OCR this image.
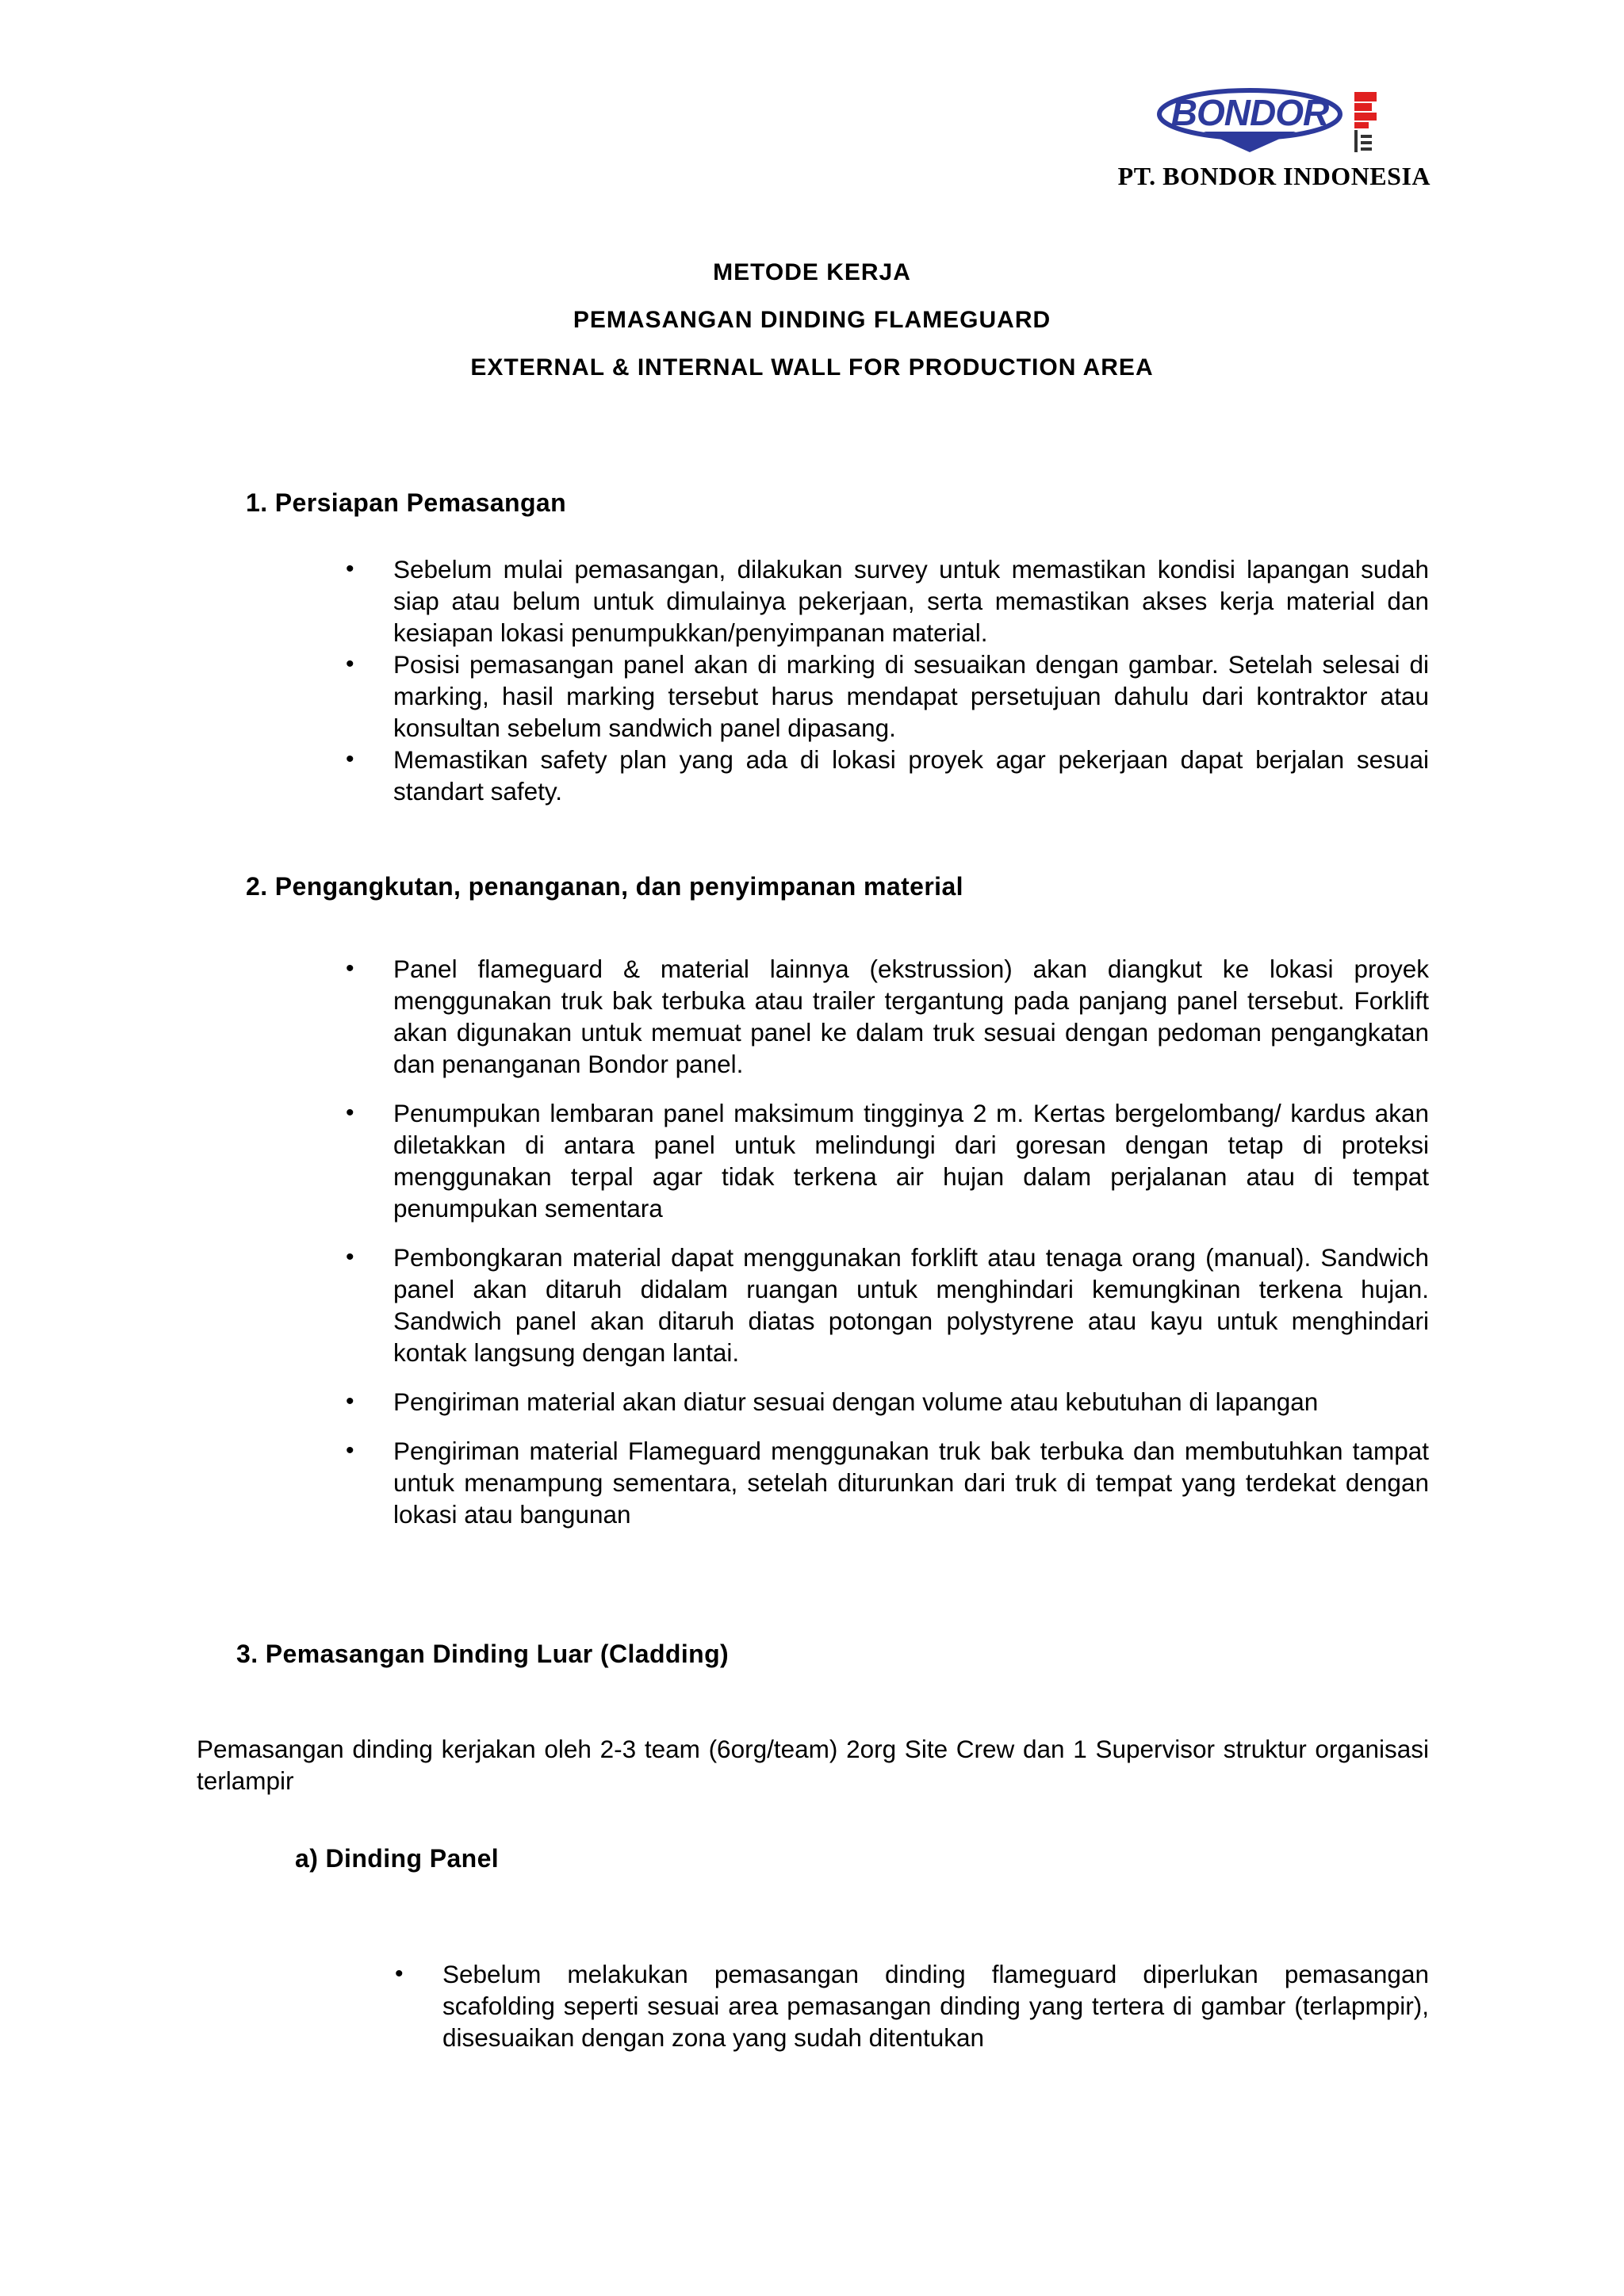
BONDOR
PT. BONDOR INDONESIA
METODE KERJA
PEMASANGAN DINDING FLAMEGUARD
EXTERNAL & INTERNAL WALL FOR PRODUCTION AREA
1. Persiapan Pemasangan
• Sebelum mulai pemasangan, dilakukan survey untuk memastikan kondisi lapangan sudah siap atau belum untuk dimulainya pekerjaan, serta memastikan akses kerja material dan kesiapan lokasi penumpukkan/penyimpanan material.
• Posisi pemasangan panel akan di marking di sesuaikan dengan gambar. Setelah selesai di marking, hasil marking tersebut harus mendapat persetujuan dahulu dari kontraktor atau konsultan sebelum sandwich panel dipasang.
• Memastikan safety plan yang ada di lokasi proyek agar pekerjaan dapat berjalan sesuai standart safety.
2. Pengangkutan, penanganan, dan penyimpanan material
• Panel flameguard & material lainnya (ekstrussion) akan diangkut ke lokasi proyek menggunakan truk bak terbuka atau trailer tergantung pada panjang panel tersebut. Forklift akan digunakan untuk memuat panel ke dalam truk sesuai dengan pedoman pengangkatan dan penanganan Bondor panel.
• Penumpukan lembaran panel maksimum tingginya 2 m. Kertas bergelombang/ kardus akan diletakkan di antara panel untuk melindungi dari goresan dengan tetap di proteksi menggunakan terpal agar tidak terkena air hujan dalam perjalanan atau di tempat penumpukan sementara
• Pembongkaran material dapat menggunakan forklift atau tenaga orang (manual). Sandwich panel akan ditaruh didalam ruangan untuk menghindari kemungkinan terkena hujan. Sandwich panel akan ditaruh diatas potongan polystyrene atau kayu untuk menghindari kontak langsung dengan lantai.
• Pengiriman material akan diatur sesuai dengan volume atau kebutuhan di lapangan
• Pengiriman material Flameguard menggunakan truk bak terbuka dan membutuhkan tampat untuk menampung sementara, setelah diturunkan dari truk di tempat yang terdekat dengan lokasi atau bangunan
3. Pemasangan Dinding Luar (Cladding)
Pemasangan dinding kerjakan oleh 2-3 team (6org/team) 2org Site Crew dan 1 Supervisor struktur organisasi terlampir
a) Dinding Panel
• Sebelum melakukan pemasangan dinding flameguard diperlukan pemasangan scafolding seperti sesuai area pemasangan dinding yang tertera di gambar (terlapmpir), disesuaikan dengan zona yang sudah ditentukan
